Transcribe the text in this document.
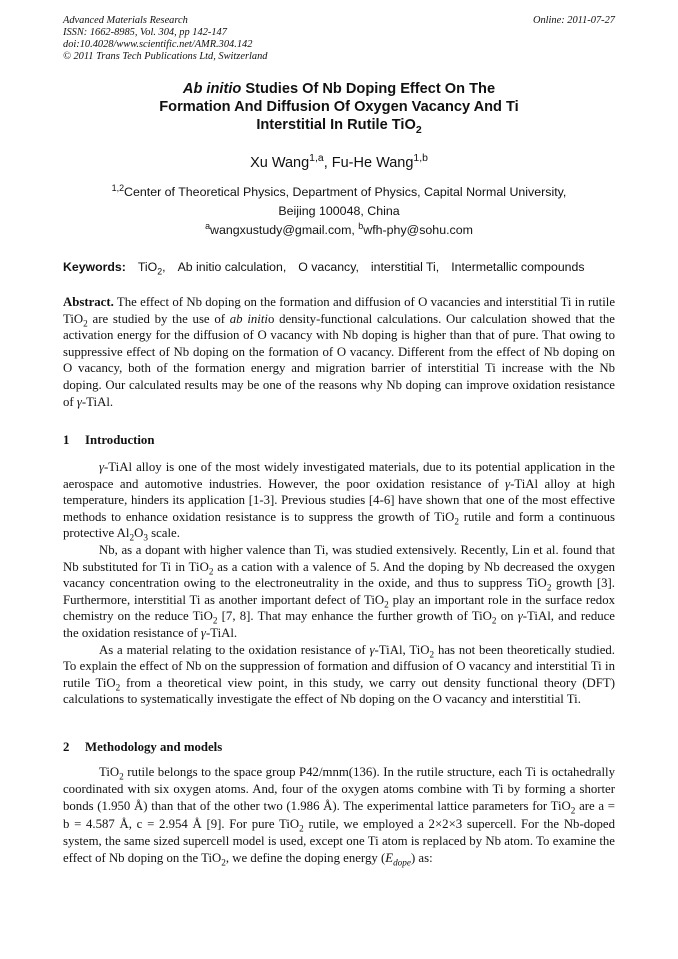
Advanced Materials Research
ISSN: 1662-8985, Vol. 304, pp 142-147
doi:10.4028/www.scientific.net/AMR.304.142
© 2011 Trans Tech Publications Ltd, Switzerland
Online: 2011-07-27
Ab initio Studies Of Nb Doping Effect On The
Formation And Diffusion Of Oxygen Vacancy And Ti
Interstitial In Rutile TiO$_2$
Xu Wang$^{1,a}$, Fu-He Wang$^{1,b}$
$^{1,2}$Center of Theoretical Physics, Department of Physics, Capital Normal University,
Beijing 100048, China
$^a$wangxustudy@gmail.com, $^b$wfh-phy@sohu.com
Keywords: TiO$_2$, Ab initio calculation, O vacancy, interstitial Ti, Intermetallic compounds

Abstract. The effect of Nb doping on the formation and diffusion of O vacancies and interstitial Ti in rutile TiO$_2$ are studied by the use of ab initio density-functional calculations. Our calculation showed that the activation energy for the diffusion of O vacancy with Nb doping is higher than that of pure. That owing to suppressive effect of Nb doping on the formation of O vacancy. Different from the effect of Nb doping on O vacancy, both of the formation energy and migration barrier of interstitial Ti increase with the Nb doping. Our calculated results may be one of the reasons why Nb doping can improve oxidation resistance of γ-TiAl.

1 Introduction

γ-TiAl alloy is one of the most widely investigated materials, due to its potential application in the aerospace and automotive industries. However, the poor oxidation resistance of γ-TiAl alloy at high temperature, hinders its application [1-3]. Previous studies [4-6] have shown that one of the most effective methods to enhance oxidation resistance is to suppress the growth of TiO$_2$ rutile and form a continuous protective $Al_2O_3$ scale.

Nb, as a dopant with higher valence than Ti, was studied extensively. Recently, Lin et al. found that Nb substituted for Ti in TiO$_2$ as a cation with a valence of 5. And the doping by Nb decreased the oxygen vacancy concentration owing to the electroneutrality in the oxide, and thus to suppress TiO$_2$ growth [3]. Furthermore, interstitial Ti as another important defect of TiO$_2$ play an important role in the surface redox chemistry on the reduce TiO$_2$ [7, 8]. That may enhance the further growth of TiO$_2$ on γ-TiAl, and reduce the oxidation resistance of γ-TiAl.

As a material relating to the oxidation resistance of γ-TiAl, TiO$_2$ has not been theoretically studied. To explain the effect of Nb on the suppression of formation and diffusion of O vacancy and interstitial Ti in rutile TiO$_2$ from a theoretical view point, in this study, we carry out density functional theory (DFT) calculations to systematically investigate the effect of Nb doping on the O vacancy and interstitial Ti.

2 Methodology and models

TiO$_2$ rutile belongs to the space group P42/mnm(136). In the rutile structure, each Ti is octahedrally coordinated with six oxygen atoms. And, four of the oxygen atoms combine with Ti by forming a shorter bonds (1.950 Å) than that of the other two (1.986 Å). The experimental lattice parameters for TiO$_2$ are a = b = 4.587 Å, c = 2.954 Å [9]. For pure TiO$_2$ rutile, we employed a 2×2×3 supercell. For the Nb-doped system, the same sized supercell model is used, except one Ti atom is replaced by Nb atom. To examine the effect of Nb doping on the TiO$_2$, we define the doping energy $(E_{dope})$ as:
